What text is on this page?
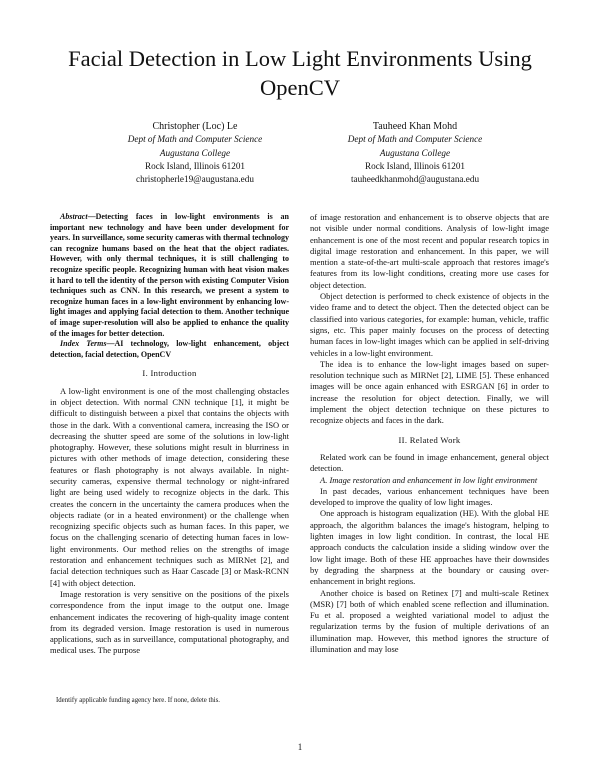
Facial Detection in Low Light Environments Using OpenCV
Christopher (Loc) Le
Dept of Math and Computer Science
Augustana College
Rock Island, Illinois 61201
christopherle19@augustana.edu
Tauheed Khan Mohd
Dept of Math and Computer Science
Augustana College
Rock Island, Illinois 61201
tauheedkhanmohd@augustana.edu

Abstract—Detecting faces in low-light environments is an important new technology and have been under development for years. In surveillance, some security cameras with thermal technology can recognize humans based on the heat that the object radiates. However, with only thermal techniques, it is still challenging to recognize specific people. Recognizing human with heat vision makes it hard to tell the identity of the person with existing Computer Vision techniques such as CNN. In this research, we present a system to recognize human faces in a low-light environment by enhancing low-light images and applying facial detection to them. Another technique of image super-resolution will also be applied to enhance the quality of the images for better detection.

Index Terms—AI technology, low-light enhancement, object detection, facial detection, OpenCV

I. Introduction

A low-light environment is one of the most challenging obstacles in object detection. With normal CNN technique [1], it might be difficult to distinguish between a pixel that contains the objects with those in the dark. With a conventional camera, increasing the ISO or decreasing the shutter speed are some of the solutions in low-light photography. However, these solutions might result in blurriness in pictures with other methods of image detection, considering these features or flash photography is not always available. In night-security cameras, expensive thermal technology or night-infrared light are being used widely to recognize objects in the dark. This creates the concern in the uncertainty the camera produces when the objects radiate (or in a heated environment) or the challenge when recognizing specific objects such as human faces. In this paper, we focus on the challenging scenario of detecting human faces in low-light environments. Our method relies on the strengths of image restoration and enhancement techniques such as MIRNet [2], and facial detection techniques such as Haar Cascade [3] or Mask-RCNN [4] with object detection.

Image restoration is very sensitive on the positions of the pixels correspondence from the input image to the output one. Image enhancement indicates the recovering of high-quality image content from its degraded version. Image restoration is used in numerous applications, such as in surveillance, computational photography, and medical uses. The purpose

of image restoration and enhancement is to observe objects that are not visible under normal conditions. Analysis of low-light image enhancement is one of the most recent and popular research topics in digital image restoration and enhancement. In this paper, we will mention a state-of-the-art multi-scale approach that restores image's features from its low-light conditions, creating more use cases for object detection.

Object detection is performed to check existence of objects in the video frame and to detect the object. Then the detected object can be classified into various categories, for example: human, vehicle, traffic signs, etc. This paper mainly focuses on the process of detecting human faces in low-light images which can be applied in self-driving vehicles in a low-light environment.

The idea is to enhance the low-light images based on super-resolution technique such as MIRNet [2], LIME [5]. These enhanced images will be once again enhanced with ESRGAN [6] in order to increase the resolution for object detection. Finally, we will implement the object detection technique on these pictures to recognize objects and faces in the dark.

II. Related Work

Related work can be found in image enhancement, general object detection.

A. Image restoration and enhancement in low light environment

In past decades, various enhancement techniques have been developed to improve the quality of low light images.

One approach is histogram equalization (HE). With the global HE approach, the algorithm balances the image's histogram, helping to lighten images in low light condition. In contrast, the local HE approach conducts the calculation inside a sliding window over the low light image. Both of these HE approaches have their downsides by degrading the sharpness at the boundary or causing over-enhancement in bright regions.

Another choice is based on Retinex [7] and multi-scale Retinex (MSR) [7] both of which enabled scene reflection and illumination. Fu et al. proposed a weighted variational model to adjust the regularization terms by the fusion of multiple derivations of an illumination map. However, this method ignores the structure of illumination and may lose

Identify applicable funding agency here. If none, delete this.
1
